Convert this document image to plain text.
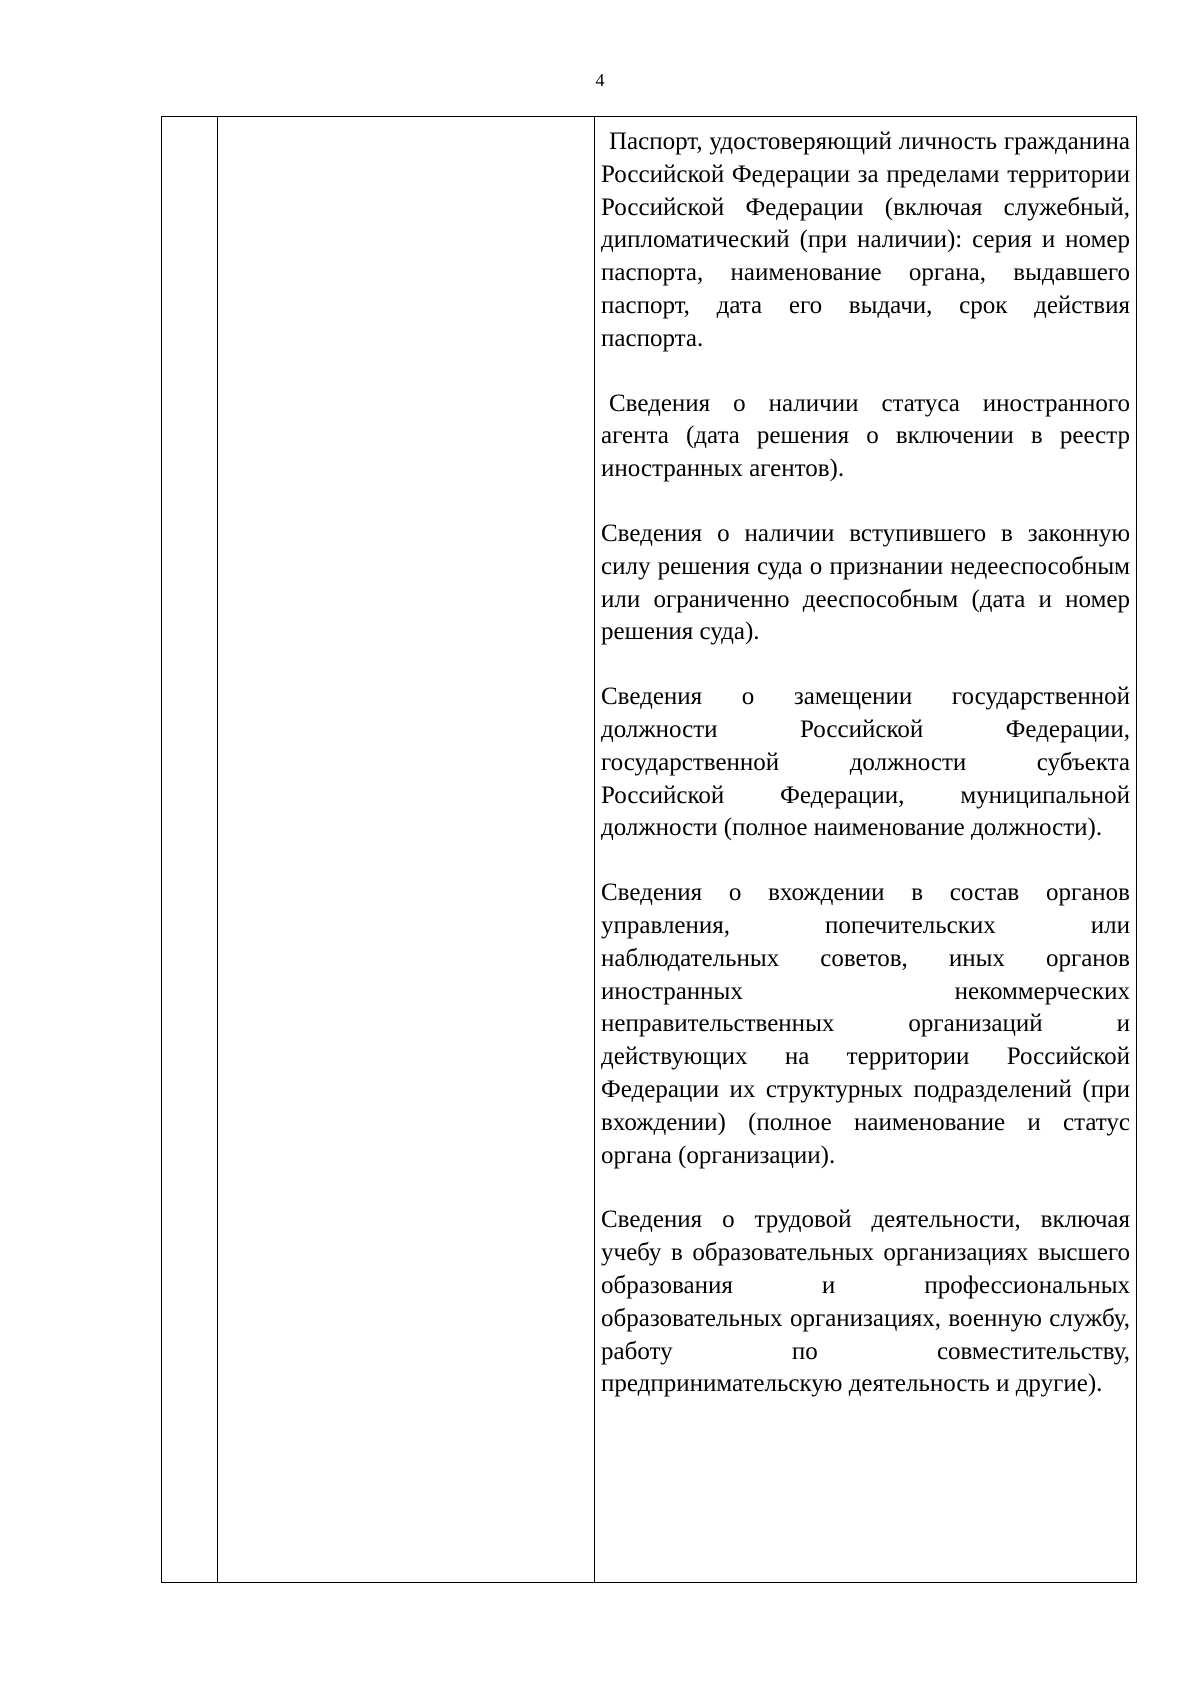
4

Паспорт, удостоверяющий личность гражданина Российской Федерации за пределами территории Российской Федерации (включая служебный, дипломатический (при наличии): серия и номер паспорта, наименование органа, выдавшего паспорт, дата его выдачи, срок действия паспорта.

Сведения о наличии статуса иностранного агента (дата решения о включении в реестр иностранных агентов).

Сведения о наличии вступившего в законную силу решения суда о признании недееспособным или ограниченно дееспособным (дата и номер решения суда).

Сведения о замещении государственной должности Российской Федерации, государственной должности субъекта Российской Федерации, муниципальной должности (полное наименование должности).

Сведения о вхождении в состав органов управления, попечительских или наблюдательных советов, иных органов иностранных некоммерческих неправительственных организаций и действующих на территории Российской Федерации их структурных подразделений (при вхождении) (полное наименование и статус органа (организации).

Сведения о трудовой деятельности, включая учебу в образовательных организациях высшего образования и профессиональных образовательных организациях, военную службу, работу по совместительству, предпринимательскую деятельность и другие).
